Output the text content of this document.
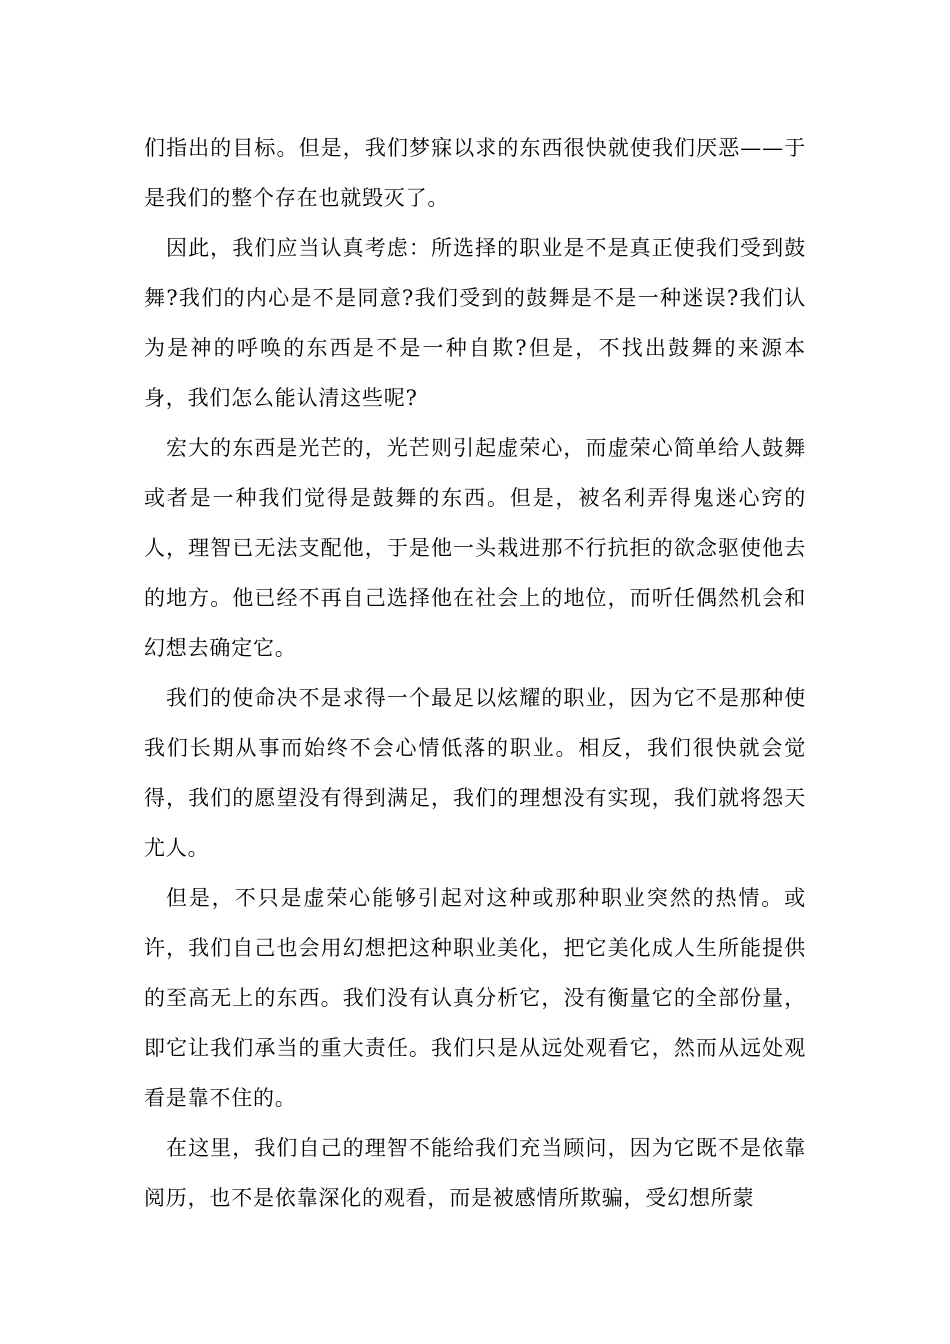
们指出的目标。但是，我们梦寐以求的东西很快就使我们厌恶——于是我们的整个存在也就毁灭了。

因此，我们应当认真考虑：所选择的职业是不是真正使我们受到鼓舞?我们的内心是不是同意?我们受到的鼓舞是不是一种迷误?我们认为是神的呼唤的东西是不是一种自欺?但是，不找出鼓舞的来源本身，我们怎么能认清这些呢?

宏大的东西是光芒的，光芒则引起虚荣心，而虚荣心简单给人鼓舞或者是一种我们觉得是鼓舞的东西。但是，被名利弄得鬼迷心窍的人，理智已无法支配他，于是他一头栽进那不行抗拒的欲念驱使他去的地方。他已经不再自己选择他在社会上的地位，而听任偶然机会和幻想去确定它。

我们的使命决不是求得一个最足以炫耀的职业，因为它不是那种使我们长期从事而始终不会心情低落的职业。相反，我们很快就会觉得，我们的愿望没有得到满足，我们的理想没有实现，我们就将怨天尤人。

但是，不只是虚荣心能够引起对这种或那种职业突然的热情。或许，我们自己也会用幻想把这种职业美化，把它美化成人生所能提供的至高无上的东西。我们没有认真分析它，没有衡量它的全部份量，即它让我们承当的重大责任。我们只是从远处观看它，然而从远处观看是靠不住的。

在这里，我们自己的理智不能给我们充当顾问，因为它既不是依靠阅历，也不是依靠深化的观看，而是被感情所欺骗，受幻想所蒙
